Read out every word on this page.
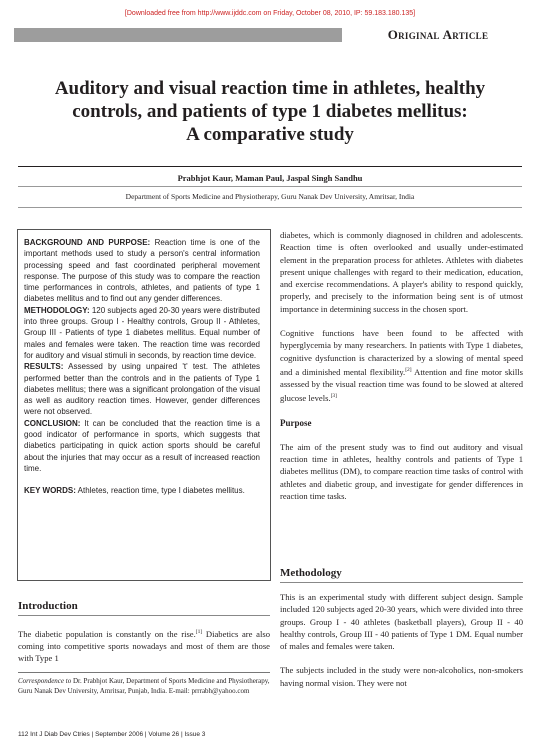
[Downloaded free from http://www.ijddc.com on Friday, October 08, 2010, IP: 59.183.180.135]
Original Article
Auditory and visual reaction time in athletes, healthy
controls, and patients of type 1 diabetes mellitus:
A comparative study
Prabhjot Kaur, Maman Paul, Jaspal Singh Sandhu
Department of Sports Medicine and Physiotherapy, Guru Nanak Dev University, Amritsar, India

BACKGROUND AND PURPOSE: Reaction time is one of the important methods used to study a person's central information processing speed and fast coordinated peripheral movement response. The purpose of this study was to compare the reaction time performances in controls, athletes, and patients of type 1 diabetes mellitus and to find out any gender differences.

METHODOLOGY: 120 subjects aged 20-30 years were distributed into three groups. Group I - Healthy controls, Group II - Athletes, Group III - Patients of type 1 diabetes mellitus. Equal number of males and females were taken. The reaction time was recorded for auditory and visual stimuli in seconds, by reaction time device.

RESULTS: Assessed by using unpaired 't' test. The athletes performed better than the controls and in the patients of Type 1 diabetes mellitus; there was a significant prolongation of the visual as well as auditory reaction times. However, gender differences were not observed.

CONCLUSION: It can be concluded that the reaction time is a good indicator of performance in sports, which suggests that diabetics participating in quick action sports should be careful about the injuries that may occur as a result of increased reaction time.

KEY WORDS: Athletes, reaction time, type I diabetes mellitus.

Introduction

The diabetic population is constantly on the rise.[1] Diabetics are also coming into competitive sports nowadays and most of them are those with Type 1

Correspondence to Dr. Prabhjot Kaur, Department of Sports Medicine and Physiotherapy, Guru Nanak Dev University, Amritsar, Punjab, India. E-mail: prrrabh@yahoo.com
112 Int J Diab Dev Ctries | September 2006 | Volume 26 | Issue 3

diabetes, which is commonly diagnosed in children and adolescents. Reaction time is often overlooked and usually under-estimated element in the preparation process for athletes. Athletes with diabetes present unique challenges with regard to their medication, education, and exercise recommendations. A player's ability to respond quickly, properly, and precisely to the information being sent is of utmost importance in determining success in the chosen sport.

Cognitive functions have been found to be affected with hyperglycemia by many researchers. In patients with Type 1 diabetes, cognitive dysfunction is characterized by a slowing of mental speed and a diminished mental flexibility.[2] Attention and fine motor skills assessed by the visual reaction time was found to be slowed at altered glucose levels.[3]

Purpose

The aim of the present study was to find out auditory and visual reaction time in athletes, healthy controls and patients of Type 1 diabetes mellitus (DM), to compare reaction time tasks of control with athletes and diabetic group, and investigate for gender differences in reaction time tasks.

Methodology

This is an experimental study with different subject design. Sample included 120 subjects aged 20-30 years, which were divided into three groups. Group I - 40 athletes (basketball players), Group II - 40 healthy controls, Group III - 40 patients of Type 1 DM. Equal number of males and females were taken.

The subjects included in the study were non-alcoholics, non-smokers having normal vision. They were not
